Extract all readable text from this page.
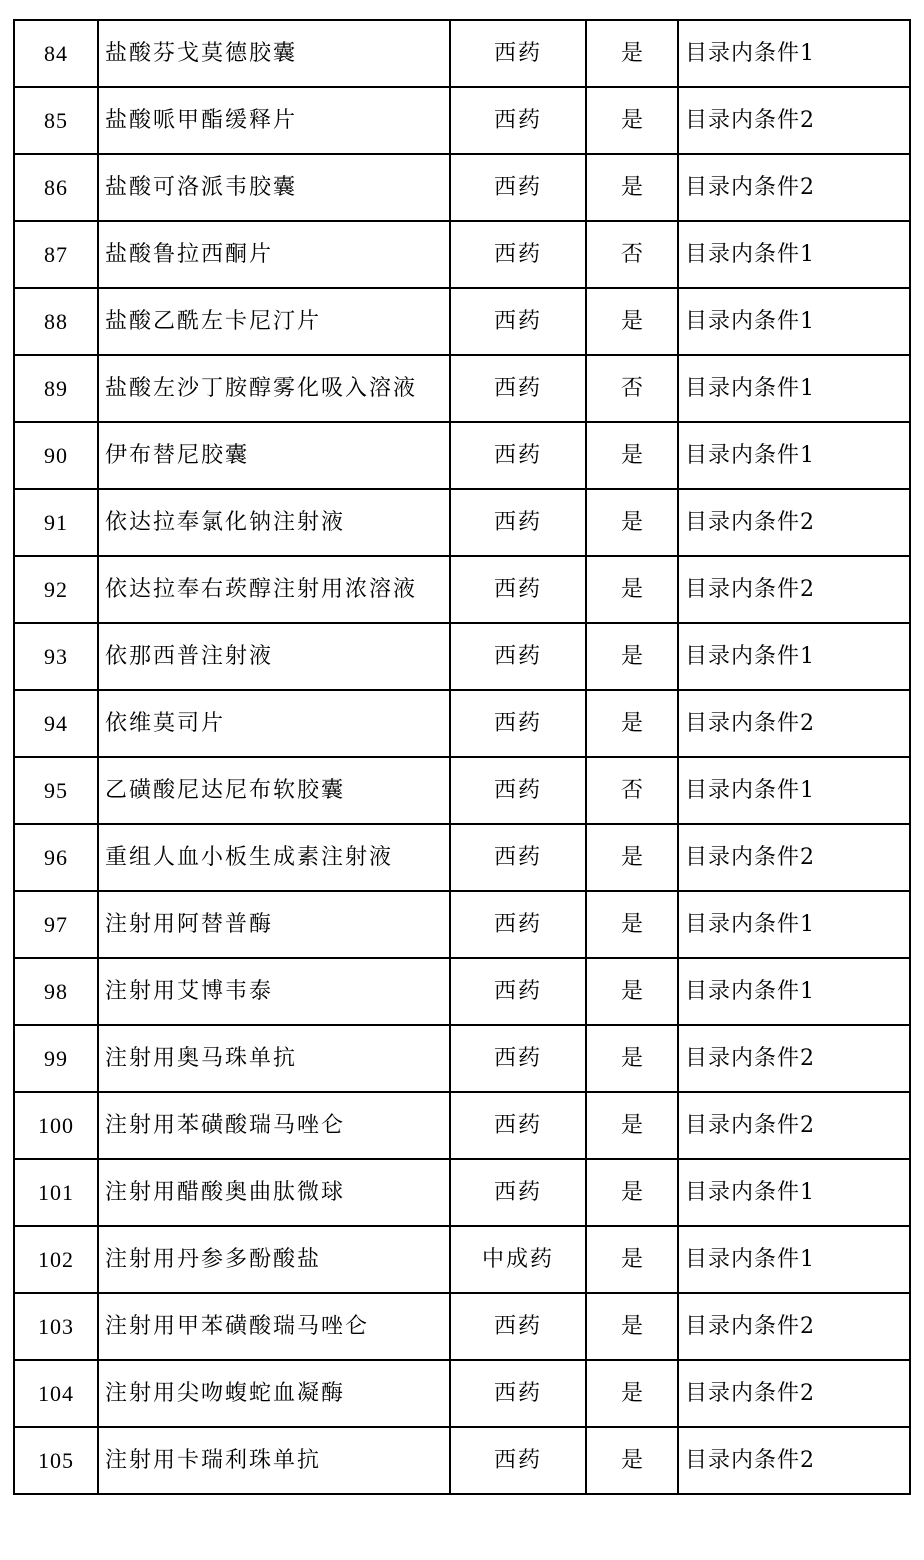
84	盐酸芬戈莫德胶囊	西药	是	目录内条件1
85	盐酸哌甲酯缓释片	西药	是	目录内条件2
86	盐酸可洛派韦胶囊	西药	是	目录内条件2
87	盐酸鲁拉西酮片	西药	否	目录内条件1
88	盐酸乙酰左卡尼汀片	西药	是	目录内条件1
89	盐酸左沙丁胺醇雾化吸入溶液	西药	否	目录内条件1
90	伊布替尼胶囊	西药	是	目录内条件1
91	依达拉奉氯化钠注射液	西药	是	目录内条件2
92	依达拉奉右莰醇注射用浓溶液	西药	是	目录内条件2
93	依那西普注射液	西药	是	目录内条件1
94	依维莫司片	西药	是	目录内条件2
95	乙磺酸尼达尼布软胶囊	西药	否	目录内条件1
96	重组人血小板生成素注射液	西药	是	目录内条件2
97	注射用阿替普酶	西药	是	目录内条件1
98	注射用艾博韦泰	西药	是	目录内条件1
99	注射用奥马珠单抗	西药	是	目录内条件2
100	注射用苯磺酸瑞马唑仑	西药	是	目录内条件2
101	注射用醋酸奥曲肽微球	西药	是	目录内条件1
102	注射用丹参多酚酸盐	中成药	是	目录内条件1
103	注射用甲苯磺酸瑞马唑仑	西药	是	目录内条件2
104	注射用尖吻蝮蛇血凝酶	西药	是	目录内条件2
105	注射用卡瑞利珠单抗	西药	是	目录内条件2
